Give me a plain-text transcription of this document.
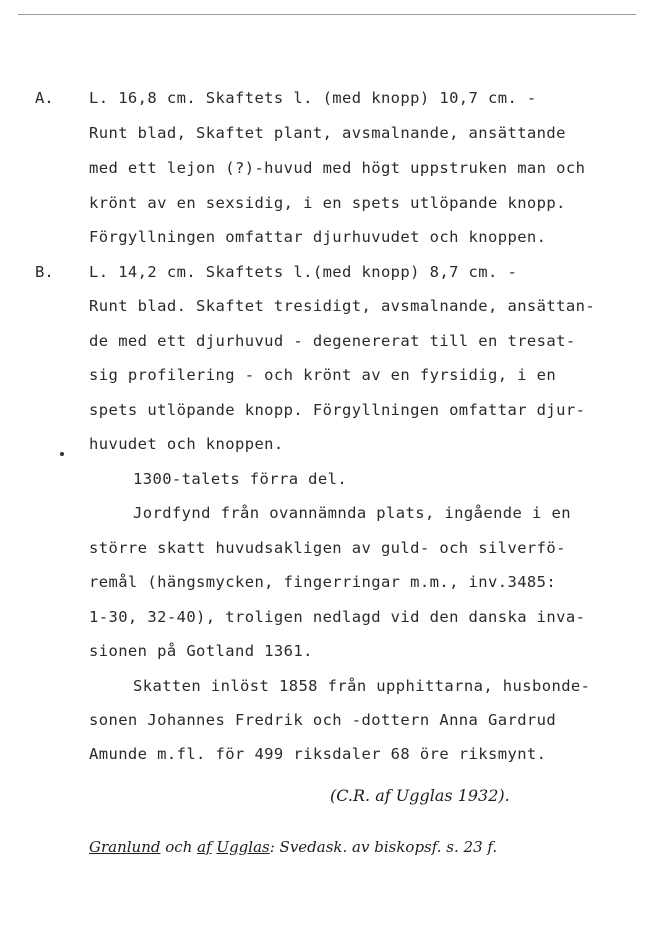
A. L. 16,8 cm. Skaftets l. (med knopp) 10,7 cm. -
Runt blad, Skaftet plant, avsmalnande, ansättande
med ett lejon (?)-huvud med högt uppstruken man och
krönt av en sexsidig, i en spets utlöpande knopp.
Förgyllningen omfattar djurhuvudet och knoppen.
B. L. 14,2 cm. Skaftets l.(med knopp) 8,7 cm. -
Runt blad. Skaftet tresidigt, avsmalnande, ansättan-
de med ett djurhuvud - degenererat till en tresat-
sig profilering - och krönt av en fyrsidig, i en
spets utlöpande knopp. Förgyllningen omfattar djur-
huvudet och knoppen.
1300-talets förra del.
Jordfynd från ovannämnda plats, ingående i en
större skatt huvudsakligen av guld- och silverfö-
remål (hängsmycken, fingerringar m.m., inv.3485:
1-30, 32-40), troligen nedlagd vid den danska inva-
sionen på Gotland 1361.
Skatten inlöst 1858 från upphittarna, husbonde-
sonen Johannes Fredrik och -dottern Anna Gardrud
Amunde m.fl. för 499 riksdaler 68 öre riksmynt.
(C.R. af Ugglas 1932).
Granlund och af Ugglas: Svedask. av biskopsf. s. 23 f.
